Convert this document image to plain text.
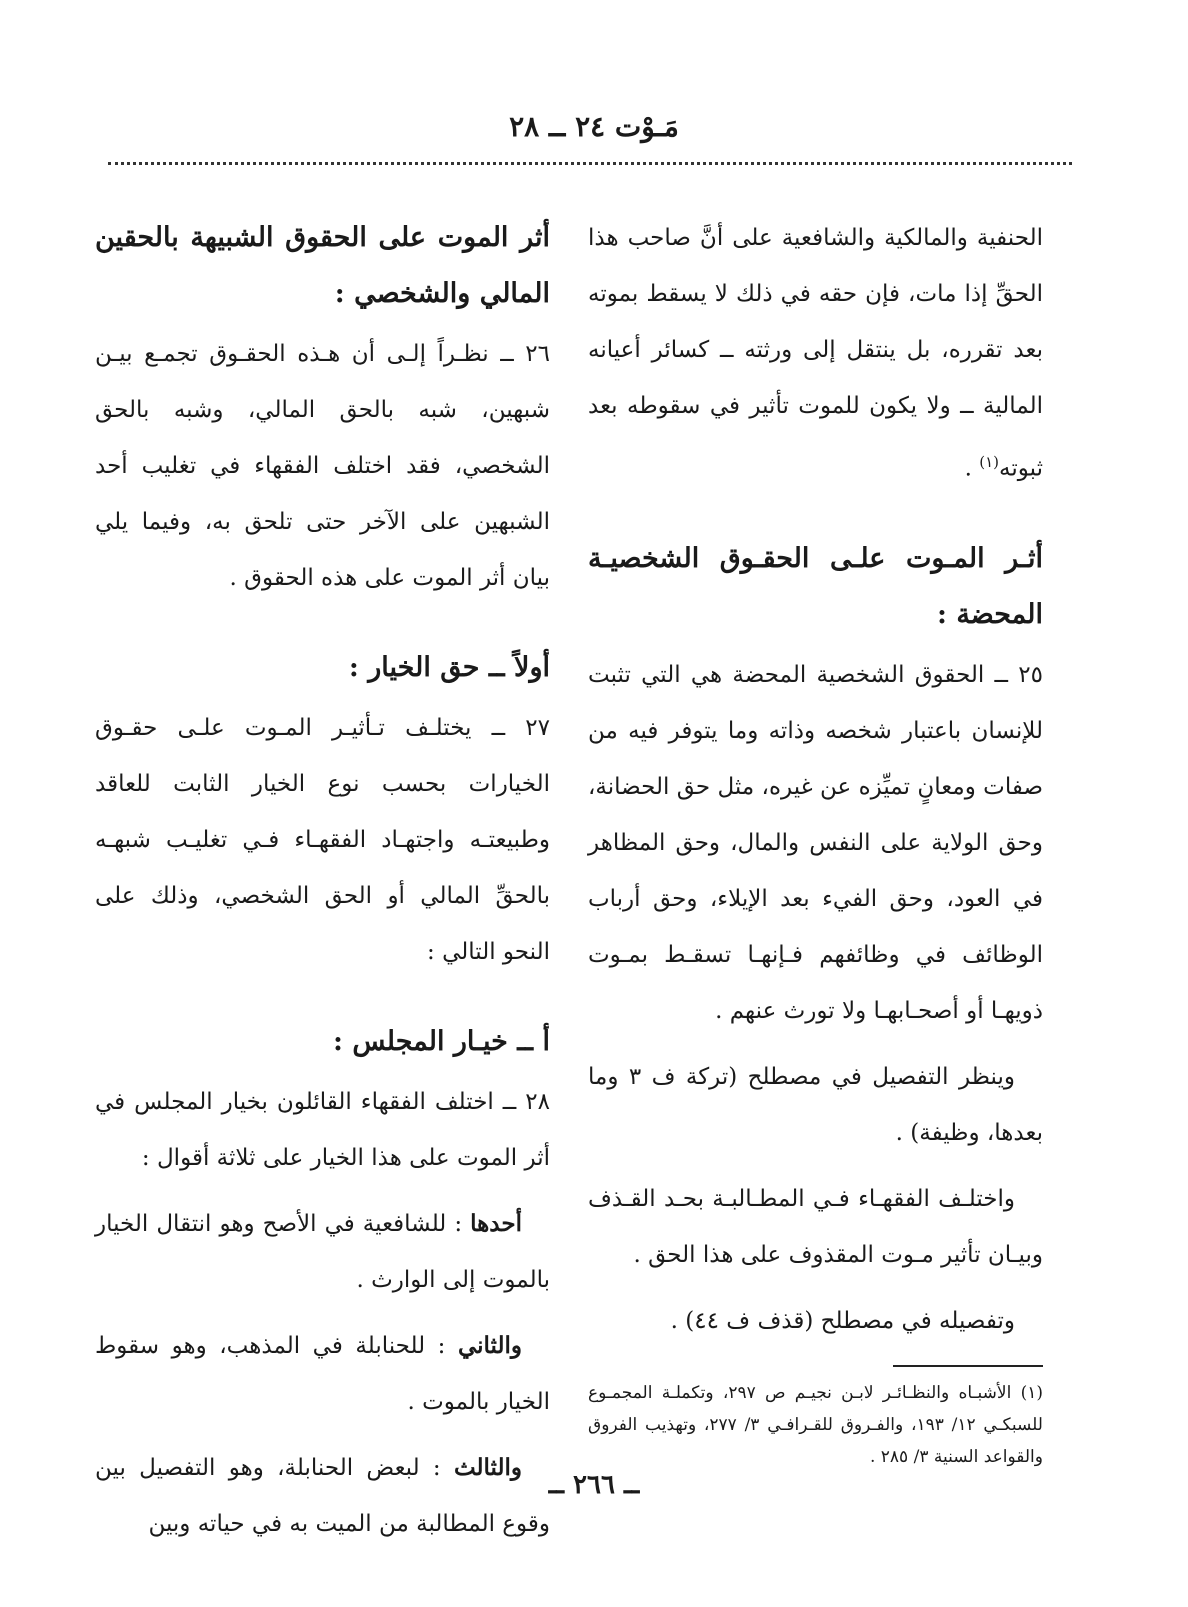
مَـوْت ٢٤ ــ ٢٨

الحنفية والمالكية والشافعية على أنَّ صاحب هذا الحقِّ إذا مات، فإن حقه في ذلك لا يسقط بموته بعد تقرره، بل ينتقل إلى ورثته ــ كسائر أعيانه المالية ــ ولا يكون للموت تأثير في سقوطه بعد ثبوته$^{(١)}$ .

أثـر المـوت علـى الحقـوق الشخصيـة المحضة :

٢٥ ــ الحقوق الشخصية المحضة هي التي تثبت للإنسان باعتبار شخصه وذاته وما يتوفر فيه من صفات ومعانٍ تميِّزه عن غيره، مثل حق الحضانة، وحق الولاية على النفس والمال، وحق المظاهر في العود، وحق الفيء بعد الإيلاء، وحق أرباب الوظائف في وظائفهم فـإنهـا تسقـط بمـوت ذويهـا أو أصحـابهـا ولا تورث عنهم .

وينظر التفصيل في مصطلح (تركة ف ٣ وما بعدها، وظيفة) .

واختلـف الفقهـاء فـي المطـالبـة بحـد القـذف وبيـان تأثير مـوت المقذوف على هذا الحق .

وتفصيله في مصطلح (قذف ف ٤٤) .

(١) الأشبـاه والنظـائـر لابـن نجيـم ص ٢٩٧، وتكملـة المجمـوع للسبكـي ١٢/ ١٩٣، والفـروق للقـرافـي ٣/ ٢٧٧، وتهذيب الفروق والقواعد السنية ٣/ ٢٨٥ .

أثر الموت على الحقوق الشبيهة بالحقين المالي والشخصي :

٢٦ ــ نظـراً إلـى أن هـذه الحقـوق تجمـع بيـن شبهين، شبه بالحق المالي، وشبه بالحق الشخصي، فقد اختلف الفقهاء في تغليب أحد الشبهين على الآخر حتى تلحق به، وفيما يلي بيان أثر الموت على هذه الحقوق .

أولاً ــ حق الخيار :

٢٧ ــ يختلـف تـأثيـر المـوت علـى حقـوق الخيارات بحسب نوع الخيار الثابت للعاقد وطبيعتـه واجتهـاد الفقهـاء فـي تغليـب شبهـه بالحقِّ المالي أو الحق الشخصي، وذلك على النحو التالي :

أ ــ خيـار المجلس :

٢٨ ــ اختلف الفقهاء القائلون بخيار المجلس في أثر الموت على هذا الخيار على ثلاثة أقوال :

أحدها : للشافعية في الأصح وهو انتقال الخيار بالموت إلى الوارث .

والثاني : للحنابلة في المذهب، وهو سقوط الخيار بالموت .

والثالث : لبعض الحنابلة، وهو التفصيل بين وقوع المطالبة من الميت به في حياته وبين

ــ ٢٦٦ ــ
